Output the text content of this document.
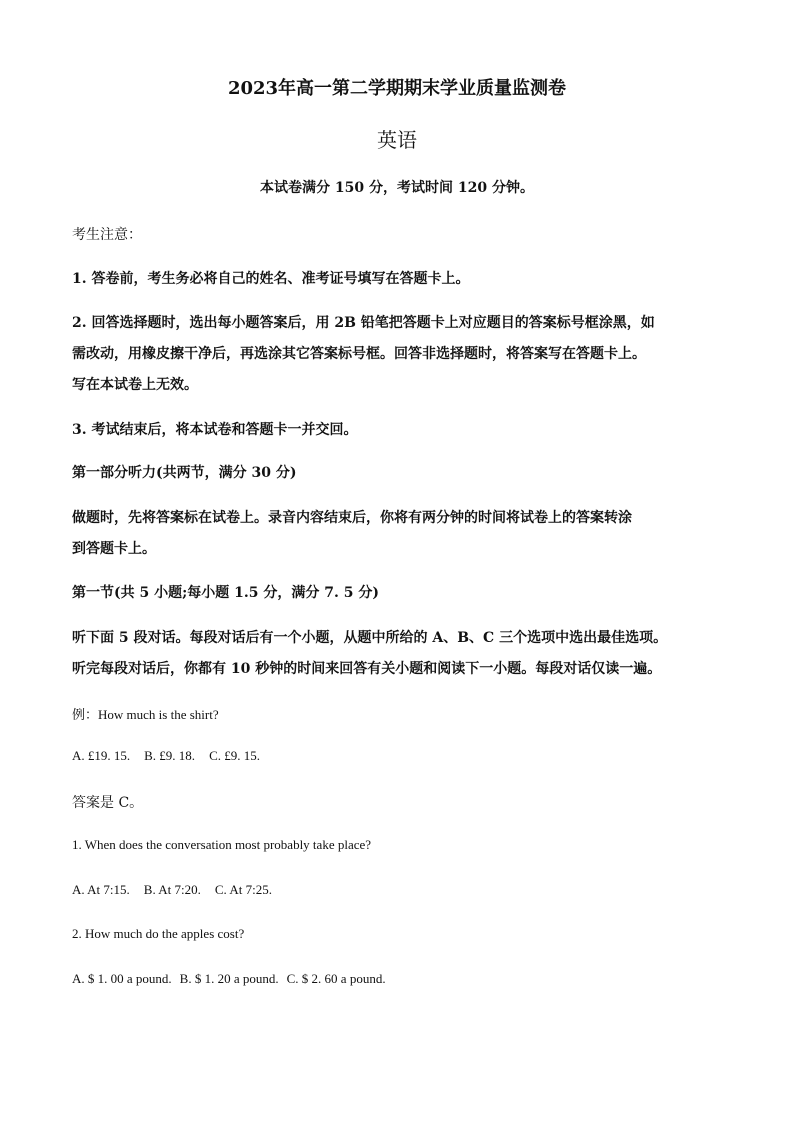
2023年高一第二学期期末学业质量监测卷
英语
本试卷满分 150 分，考试时间 120 分钟。
考生注意：
1. 答卷前，考生务必将自己的姓名、准考证号填写在答题卡上。
2. 回答选择题时，选出每小题答案后，用 2B 铅笔把答题卡上对应题目的答案标号框涂黑，如
需改动，用橡皮擦干净后，再选涂其它答案标号框。回答非选择题时，将答案写在答题卡上。
写在本试卷上无效。
3. 考试结束后，将本试卷和答题卡一并交回。
第一部分听力(共两节，满分 30 分)
做题时，先将答案标在试卷上。录音内容结束后，你将有两分钟的时间将试卷上的答案转涂
到答题卡上。
第一节(共 5 小题;每小题 1.5 分，满分 7. 5 分)
听下面 5 段对话。每段对话后有一个小题，从题中所给的 A、B、C 三个选项中选出最佳选项。
听完每段对话后，你都有 10 秒钟的时间来回答有关小题和阅读下一小题。每段对话仅读一遍。
例：How much is the shirt?
A. £19. 15. B. £9. 18. C. £9. 15.
答案是 C。
1. When does the conversation most probably take place?
A. At 7:15. B. At 7:20. C. At 7:25.
2. How much do the apples cost?
A. $ 1. 00 a pound. B. $ 1. 20 a pound. C. $ 2. 60 a pound.
